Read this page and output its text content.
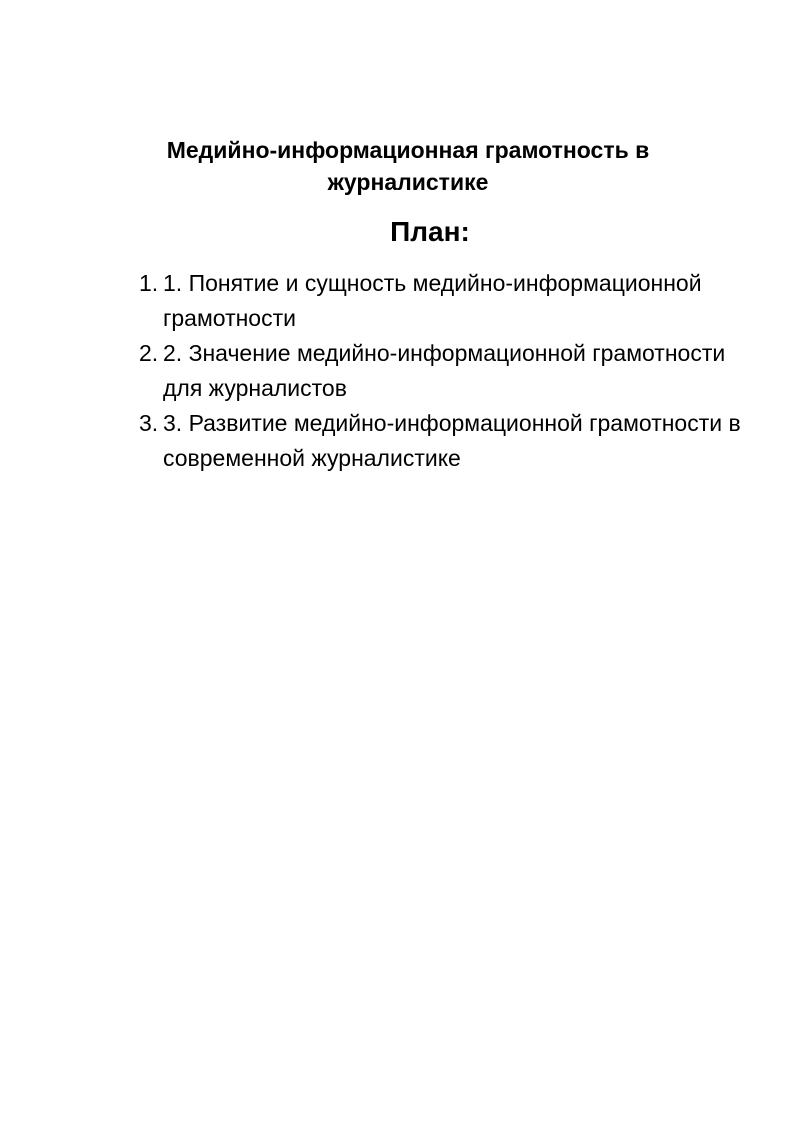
Медийно-информационная грамотность в журналистике
План:
1. 1. Понятие и сущность медийно-информационной грамотности
2. 2. Значение медийно-информационной грамотности для журналистов
3. 3. Развитие медийно-информационной грамотности в современной журналистике
